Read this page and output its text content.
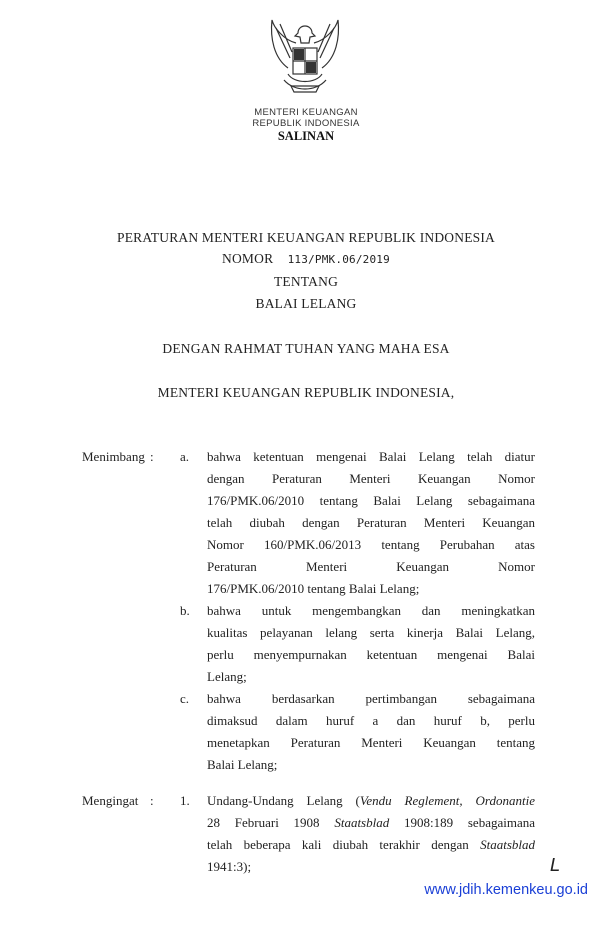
MENTERI KEUANGAN
REPUBLIK INDONESIA
SALINAN
PERATURAN MENTERI KEUANGAN REPUBLIK INDONESIA
NOMOR 113/PMK.06/2019
TENTANG
BALAI LELANG
DENGAN RAHMAT TUHAN YANG MAHA ESA
MENTERI KEUANGAN REPUBLIK INDONESIA,
Menimbang : a. bahwa ketentuan mengenai Balai Lelang telah diatur
dengan Peraturan Menteri Keuangan Nomor
176/PMK.06/2010 tentang Balai Lelang sebagaimana
telah diubah dengan Peraturan Menteri Keuangan
Nomor 160/PMK.06/2013 tentang Perubahan atas
Peraturan Menteri Keuangan Nomor
176/PMK.06/2010 tentang Balai Lelang;
b. bahwa untuk mengembangkan dan meningkatkan
kualitas pelayanan lelang serta kinerja Balai Lelang,
perlu menyempurnakan ketentuan mengenai Balai
Lelang;
c. bahwa berdasarkan pertimbangan sebagaimana
dimaksud dalam huruf a dan huruf b, perlu
menetapkan Peraturan Menteri Keuangan tentang
Balai Lelang;
Mengingat : 1. Undang-Undang Lelang (Vendu Reglement, Ordonantie
28 Februari 1908 Staatsblad 1908:189 sebagaimana
telah beberapa kali diubah terakhir dengan Staatsblad
1941:3);	L
www.jdih.kemenkeu.go.id
